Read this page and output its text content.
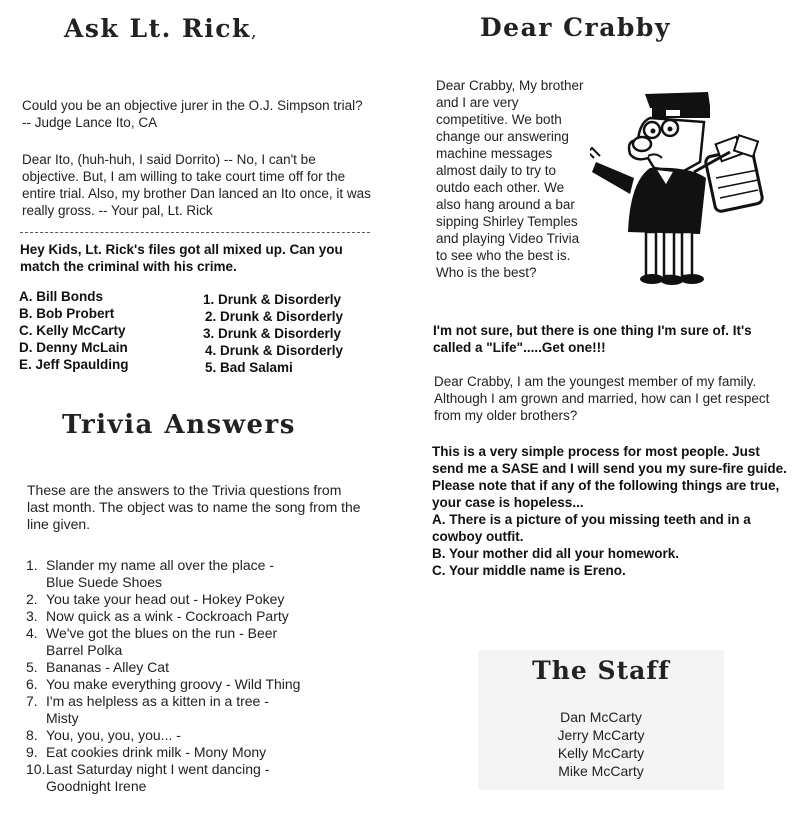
Ask Lt. Rick,
Could you be an objective jurer in the O.J. Simpson trial? -- Judge Lance Ito, CA
Dear Ito, (huh-huh, I said Dorrito) -- No, I can't be objective. But, I am willing to take court time off for the entire trial. Also, my brother Dan lanced an Ito once, it was really gross. -- Your pal, Lt. Rick
Hey Kids, Lt. Rick's files got all mixed up. Can you match the criminal with his crime.
A. Bill Bonds
B. Bob Probert
C. Kelly McCarty
D. Denny McLain
E. Jeff Spaulding
1. Drunk & Disorderly
2. Drunk & Disorderly
3. Drunk & Disorderly
4. Drunk & Disorderly
5. Bad Salami
Trivia Answers
These are the answers to the Trivia questions from last month. The object was to name the song from the line given.
1. Slander my name all over the place -
Blue Suede Shoes
2. You take your head out - Hokey Pokey
3. Now quick as a wink - Cockroach Party
4. We've got the blues on the run - Beer
Barrel Polka
5. Bananas - Alley Cat
6. You make everything groovy - Wild Thing
7. I'm as helpless as a kitten in a tree -
Misty
8. You, you, you, you... -
9. Eat cookies drink milk - Mony Mony
10. Last Saturday night I went dancing -
Goodnight Irene
Dear Crabby
Dear Crabby, My brother and I are very competitive. We both change our answering machine messages almost daily to try to outdo each other. We also hang around a bar sipping Shirley Temples and playing Video Trivia to see who the best is. Who is the best?
I'm not sure, but there is one thing I'm sure of. It's called a "Life".....Get one!!!
Dear Crabby, I am the youngest member of my family. Although I am grown and married, how can I get respect from my older brothers?
This is a very simple process for most people. Just send me a SASE and I will send you my sure-fire guide.
Please note that if any of the following things are true, your case is hopeless...
A. There is a picture of you missing teeth and in a cowboy outfit.
B. Your mother did all your homework.
C. Your middle name is Ereno.
The Staff
Dan McCarty
Jerry McCarty
Kelly McCarty
Mike McCarty
